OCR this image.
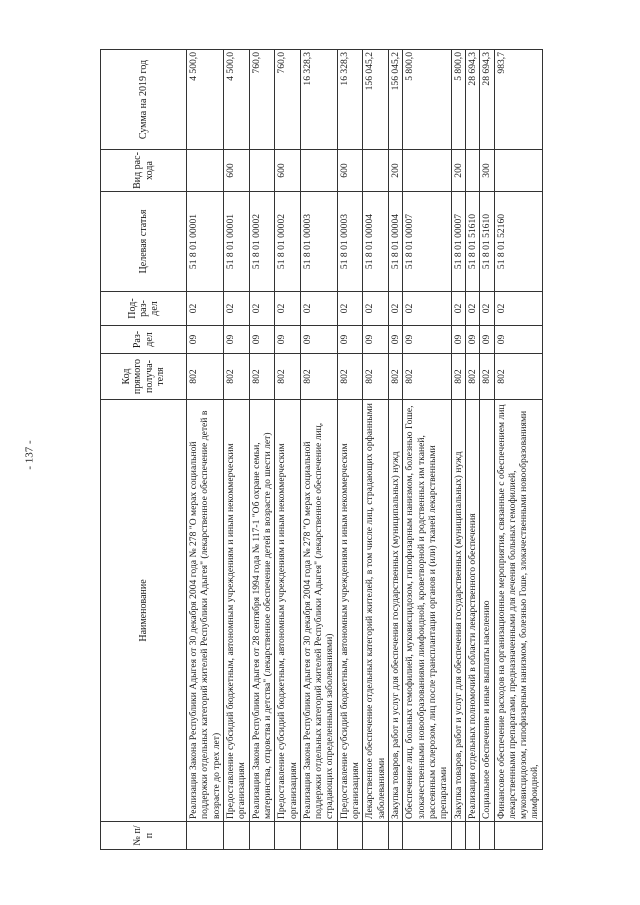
- 137 -
№ п/п	Наименование	Код прямого получа-теля	Раз-дел	Под-раз-дел	Целевая статья	Вид рас-хода	Сумма на 2019 год
	Реализация Закона Республики Адыгея от 30 декабря 2004 года № 278 "О мерах социальной поддержки отдельных категорий жителей Республики Адыгея" (лекарственное обеспечение детей в возрасте до трех лет)	802	09	02	51 8 01 00001		4 500,0
	Предоставление субсидий бюджетным, автономным учреждениям и иным некоммерческим организациям	802	09	02	51 8 01 00001	600	4 500,0
	Реализация Закона Республики Адыгея от 28 сентября 1994 года № 117-1 "Об охране семьи, материнства, отцовства и детства" (лекарственное обеспечение детей в возрасте до шести лет)	802	09	02	51 8 01 00002		760,0
	Предоставление субсидий бюджетным, автономным учреждениям и иным некоммерческим организациям	802	09	02	51 8 01 00002	600	760,0
	Реализация Закона Республики Адыгея от 30 декабря 2004 года № 278 "О мерах социальной поддержки отдельных категорий жителей Республики Адыгея" (лекарственное обеспечение лиц, страдающих определенными заболеваниями)	802	09	02	51 8 01 00003		16 328,3
	Предоставление субсидий бюджетным, автономным учреждениям и иным некоммерческим организациям	802	09	02	51 8 01 00003	600	16 328,3
	Лекарственное обеспечение отдельных категорий жителей, в том числе лиц, страдающих орфанными заболеваниями	802	09	02	51 8 01 00004		156 045,2
	Закупка товаров, работ и услуг для обеспечения государственных (муниципальных) нужд	802	09	02	51 8 01 00004	200	156 045,2
	Обеспечение лиц, больных гемофилией, муковисцидозом, гипофизарным нанизмом, болезнью Гоше, злокачественными новообразованиями лимфоидной, кроветворной и родственных им тканей, рассеянным склерозом, лиц после трансплантации органов и (или) тканей лекарственными препаратами	802	09	02	51 8 01 00007		5 800,0
	Закупка товаров, работ и услуг для обеспечения государственных (муниципальных) нужд	802	09	02	51 8 01 00007	200	5 800,0
	Реализация отдельных полномочий в области лекарственного обеспечения	802	09	02	51 8 01 51610		28 694,3
	Социальное обеспечение и иные выплаты населению	802	09	02	51 8 01 51610	300	28 694,3
	Финансовое обеспечение расходов на организационные мероприятия, связанные с обеспечением лиц лекарственными препаратами, предназначенными для лечения больных гемофилией, муковисцидозом, гипофизарным нанизмом, болезнью Гоше, злокачественными новообразованиями лимфоидной,	802	09	02	51 8 01 52160		983,7
